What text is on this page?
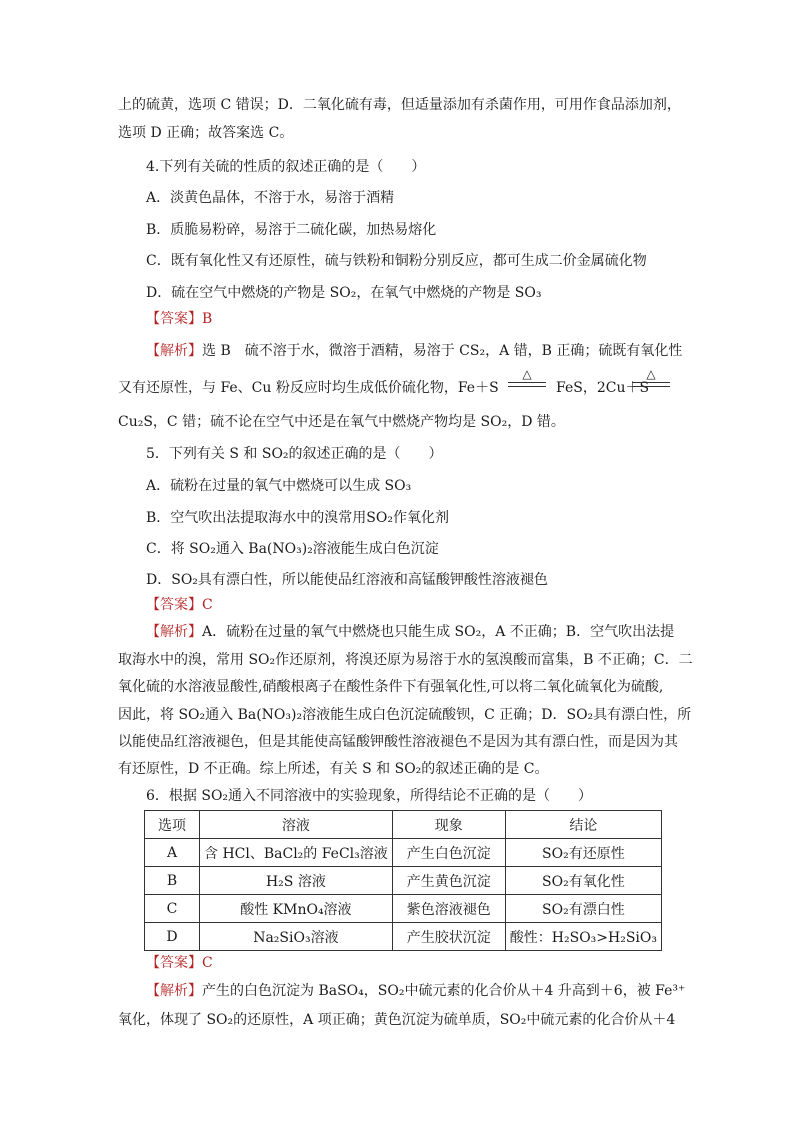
上的硫黄，选项 C 错误；D．二氧化硫有毒，但适量添加有杀菌作用，可用作食品添加剂，
选项 D 正确；故答案选 C。
4.下列有关硫的性质的叙述正确的是（　　）
A．淡黄色晶体，不溶于水，易溶于酒精
B．质脆易粉碎，易溶于二硫化碳，加热易熔化
C．既有氧化性又有还原性，硫与铁粉和铜粉分别反应，都可生成二价金属硫化物
D．硫在空气中燃烧的产物是 SO₂，在氧气中燃烧的产物是 SO₃
【答案】B
【解析】选 B　硫不溶于水，微溶于酒精，易溶于 CS₂，A 错，B 正确；硫既有氧化性
又有还原性，与 Fe、Cu 粉反应时均生成低价硫化物，Fe＋S
△
FeS，2Cu＋S
△
Cu₂S，C 错；硫不论在空气中还是在氧气中燃烧产物均是 SO₂，D 错。
5．下列有关 S 和 SO₂的叙述正确的是（　　）
A．硫粉在过量的氧气中燃烧可以生成 SO₃
B．空气吹出法提取海水中的溴常用SO₂作氧化剂
C．将 SO₂通入 Ba(NO₃)₂溶液能生成白色沉淀
D．SO₂具有漂白性，所以能使品红溶液和高锰酸钾酸性溶液褪色
【答案】C
【解析】A．硫粉在过量的氧气中燃烧也只能生成 SO₂，A 不正确；B．空气吹出法提
取海水中的溴，常用 SO₂作还原剂，将溴还原为易溶于水的氢溴酸而富集，B 不正确；C．二
氧化硫的水溶液显酸性,硝酸根离子在酸性条件下有强氧化性,可以将二氧化硫氧化为硫酸,
因此，将 SO₂通入 Ba(NO₃)₂溶液能生成白色沉淀硫酸钡，C 正确；D．SO₂具有漂白性，所
以能使品红溶液褪色，但是其能使高锰酸钾酸性溶液褪色不是因为其有漂白性，而是因为其
有还原性，D 不正确。综上所述，有关 S 和 SO₂的叙述正确的是 C。
6．根据 SO₂通入不同溶液中的实验现象，所得结论不正确的是（　　）
选项	溶液	现象	结论
A	含 HCl、BaCl₂的 FeCl₃溶液	产生白色沉淀	SO₂有还原性
B	H₂S 溶液	产生黄色沉淀	SO₂有氧化性
C	酸性 KMnO₄溶液	紫色溶液褪色	SO₂有漂白性
D	Na₂SiO₃溶液	产生胶状沉淀	酸性：H₂SO₃>H₂SiO₃
【答案】C
【解析】产生的白色沉淀为 BaSO₄，SO₂中硫元素的化合价从＋4 升高到＋6，被 Fe³⁺
氧化，体现了 SO₂的还原性，A 项正确；黄色沉淀为硫单质，SO₂中硫元素的化合价从＋4
